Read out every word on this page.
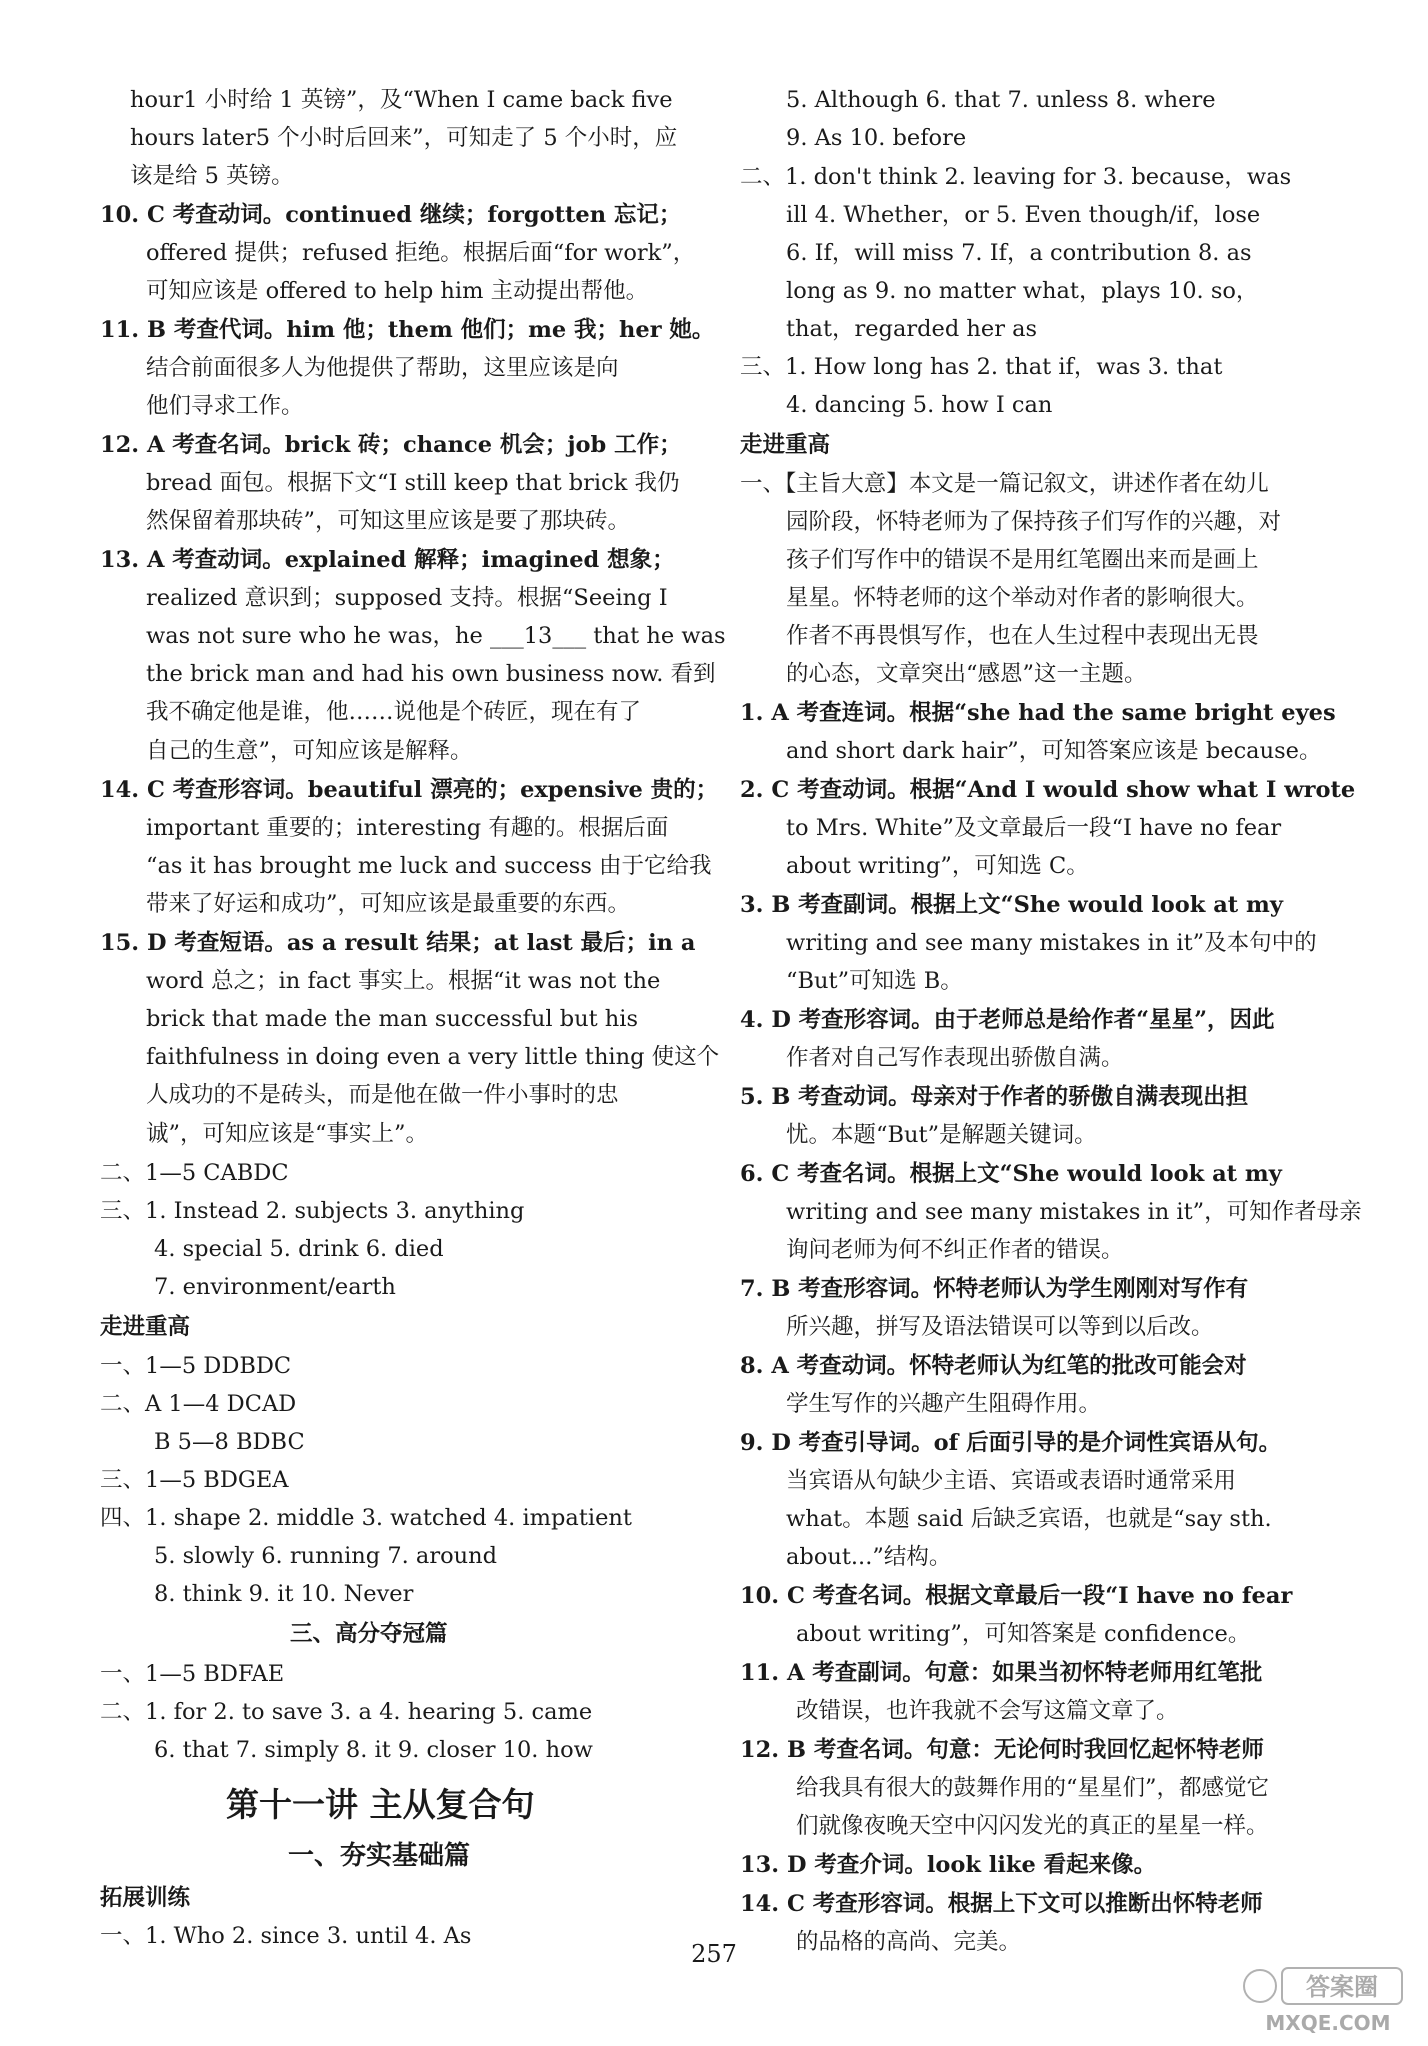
hour1 小时给 1 英镑”，及“When I came back five
hours later5 个小时后回来”，可知走了 5 个小时，应
该是给 5 英镑。
10. C 考查动词。continued 继续；forgotten 忘记；
offered 提供；refused 拒绝。根据后面“for work”，
可知应该是 offered to help him 主动提出帮他。
11. B 考查代词。him 他；them 他们；me 我；her 她。
结合前面很多人为他提供了帮助，这里应该是向
他们寻求工作。
12. A 考查名词。brick 砖；chance 机会；job 工作；
bread 面包。根据下文“I still keep that brick 我仍
然保留着那块砖”，可知这里应该是要了那块砖。
13. A 考查动词。explained 解释；imagined 想象；
realized 意识到；supposed 支持。根据“Seeing I
was not sure who he was，he ___13___ that he was
the brick man and had his own business now. 看到
我不确定他是谁，他……说他是个砖匠，现在有了
自己的生意”，可知应该是解释。
14. C 考查形容词。beautiful 漂亮的；expensive 贵的；
important 重要的；interesting 有趣的。根据后面
“as it has brought me luck and success 由于它给我
带来了好运和成功”，可知应该是最重要的东西。
15. D 考查短语。as a result 结果；at last 最后；in a
word 总之；in fact 事实上。根据“it was not the
brick that made the man successful but his
faithfulness in doing even a very little thing 使这个
人成功的不是砖头，而是他在做一件小事时的忠
诚”，可知应该是“事实上”。
二、1—5 CABDC
三、1. Instead 2. subjects 3. anything
4. special 5. drink 6. died
7. environment/earth
走进重高
一、1—5 DDBDC
二、A 1—4 DCAD
B 5—8 BDBC
三、1—5 BDGEA
四、1. shape 2. middle 3. watched 4. impatient
5. slowly 6. running 7. around
8. think 9. it 10. Never
三、高分夺冠篇
一、1—5 BDFAE
二、1. for 2. to save 3. a 4. hearing 5. came
6. that 7. simply 8. it 9. closer 10. how
第十一讲 主从复合句
一、夯实基础篇
拓展训练
一、1. Who 2. since 3. until 4. As
5. Although 6. that 7. unless 8. where
9. As 10. before
二、1. don't think 2. leaving for 3. because，was
ill 4. Whether，or 5. Even though/if，lose
6. If，will miss 7. If，a contribution 8. as
long as 9. no matter what，plays 10. so，
that，regarded her as
三、1. How long has 2. that if，was 3. that
4. dancing 5. how I can
走进重高
一、【主旨大意】本文是一篇记叙文，讲述作者在幼儿
园阶段，怀特老师为了保持孩子们写作的兴趣，对
孩子们写作中的错误不是用红笔圈出来而是画上
星星。怀特老师的这个举动对作者的影响很大。
作者不再畏惧写作，也在人生过程中表现出无畏
的心态，文章突出“感恩”这一主题。
1. A 考查连词。根据“she had the same bright eyes
and short dark hair”，可知答案应该是 because。
2. C 考查动词。根据“And I would show what I wrote
to Mrs. White”及文章最后一段“I have no fear
about writing”，可知选 C。
3. B 考查副词。根据上文“She would look at my
writing and see many mistakes in it”及本句中的
“But”可知选 B。
4. D 考查形容词。由于老师总是给作者“星星”，因此
作者对自己写作表现出骄傲自满。
5. B 考查动词。母亲对于作者的骄傲自满表现出担
忧。本题“But”是解题关键词。
6. C 考查名词。根据上文“She would look at my
writing and see many mistakes in it”，可知作者母亲
询问老师为何不纠正作者的错误。
7. B 考查形容词。怀特老师认为学生刚刚对写作有
所兴趣，拼写及语法错误可以等到以后改。
8. A 考查动词。怀特老师认为红笔的批改可能会对
学生写作的兴趣产生阻碍作用。
9. D 考查引导词。of 后面引导的是介词性宾语从句。
当宾语从句缺少主语、宾语或表语时通常采用
what。本题 said 后缺乏宾语，也就是“say sth.
about...”结构。
10. C 考查名词。根据文章最后一段“I have no fear
about writing”，可知答案是 confidence。
11. A 考查副词。句意：如果当初怀特老师用红笔批
改错误，也许我就不会写这篇文章了。
12. B 考查名词。句意：无论何时我回忆起怀特老师
给我具有很大的鼓舞作用的“星星们”，都感觉它
们就像夜晚天空中闪闪发光的真正的星星一样。
13. D 考查介词。look like 看起来像。
14. C 考查形容词。根据上下文可以推断出怀特老师
的品格的高尚、完美。
257
答案圈
MXQE.COM
